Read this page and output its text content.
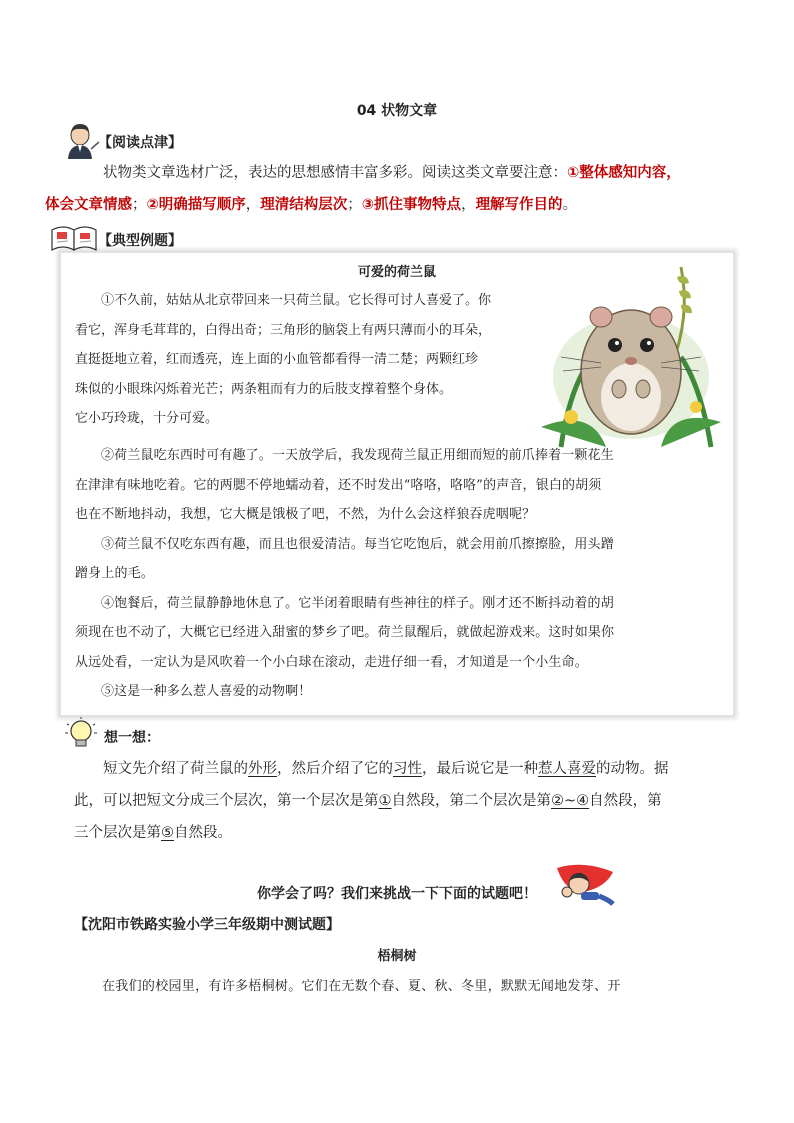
04 状物文章
【阅读点津】
状物类文章选材广泛，表达的思想感情丰富多彩。阅读这类文章要注意：①整体感知内容，
体会文章情感；②明确描写顺序，理清结构层次；③抓住事物特点，理解写作目的。
【典型例题】
可爱的荷兰鼠
①不久前，姑姑从北京带回来一只荷兰鼠。它长得可讨人喜爱了。你
看它，浑身毛茸茸的，白得出奇；三角形的脑袋上有两只薄而小的耳朵，
直挺挺地立着，红而透亮，连上面的小血管都看得一清二楚；两颗红珍
珠似的小眼珠闪烁着光芒；两条粗而有力的后肢支撑着整个身体。
它小巧玲珑，十分可爱。
②荷兰鼠吃东西时可有趣了。一天放学后，我发现荷兰鼠正用细而短的前爪捧着一颗花生
在津津有味地吃着。它的两腮不停地蠕动着，还不时发出“咯咯，咯咯”的声音，银白的胡须
也在不断地抖动，我想，它大概是饿极了吧，不然，为什么会这样狼吞虎咽呢？
③荷兰鼠不仅吃东西有趣，而且也很爱清洁。每当它吃饱后，就会用前爪擦擦脸，用头蹭
蹭身上的毛。
④饱餐后，荷兰鼠静静地休息了。它半闭着眼睛有些神往的样子。刚才还不断抖动着的胡
须现在也不动了，大概它已经进入甜蜜的梦乡了吧。荷兰鼠醒后，就做起游戏来。这时如果你
从远处看，一定认为是风吹着一个小白球在滚动，走进仔细一看，才知道是一个小生命。
⑤这是一种多么惹人喜爱的动物啊！
想一想：
短文先介绍了荷兰鼠的外形，然后介绍了它的习性，最后说它是一种惹人喜爱的动物。据
此，可以把短文分成三个层次，第一个层次是第①自然段，第二个层次是第②~④自然段，第
三个层次是第⑤自然段。
你学会了吗？我们来挑战一下下面的试题吧！
【沈阳市铁路实验小学三年级期中测试题】
梧桐树
在我们的校园里，有许多梧桐树。它们在无数个春、夏、秋、冬里，默默无闻地发芽、开
